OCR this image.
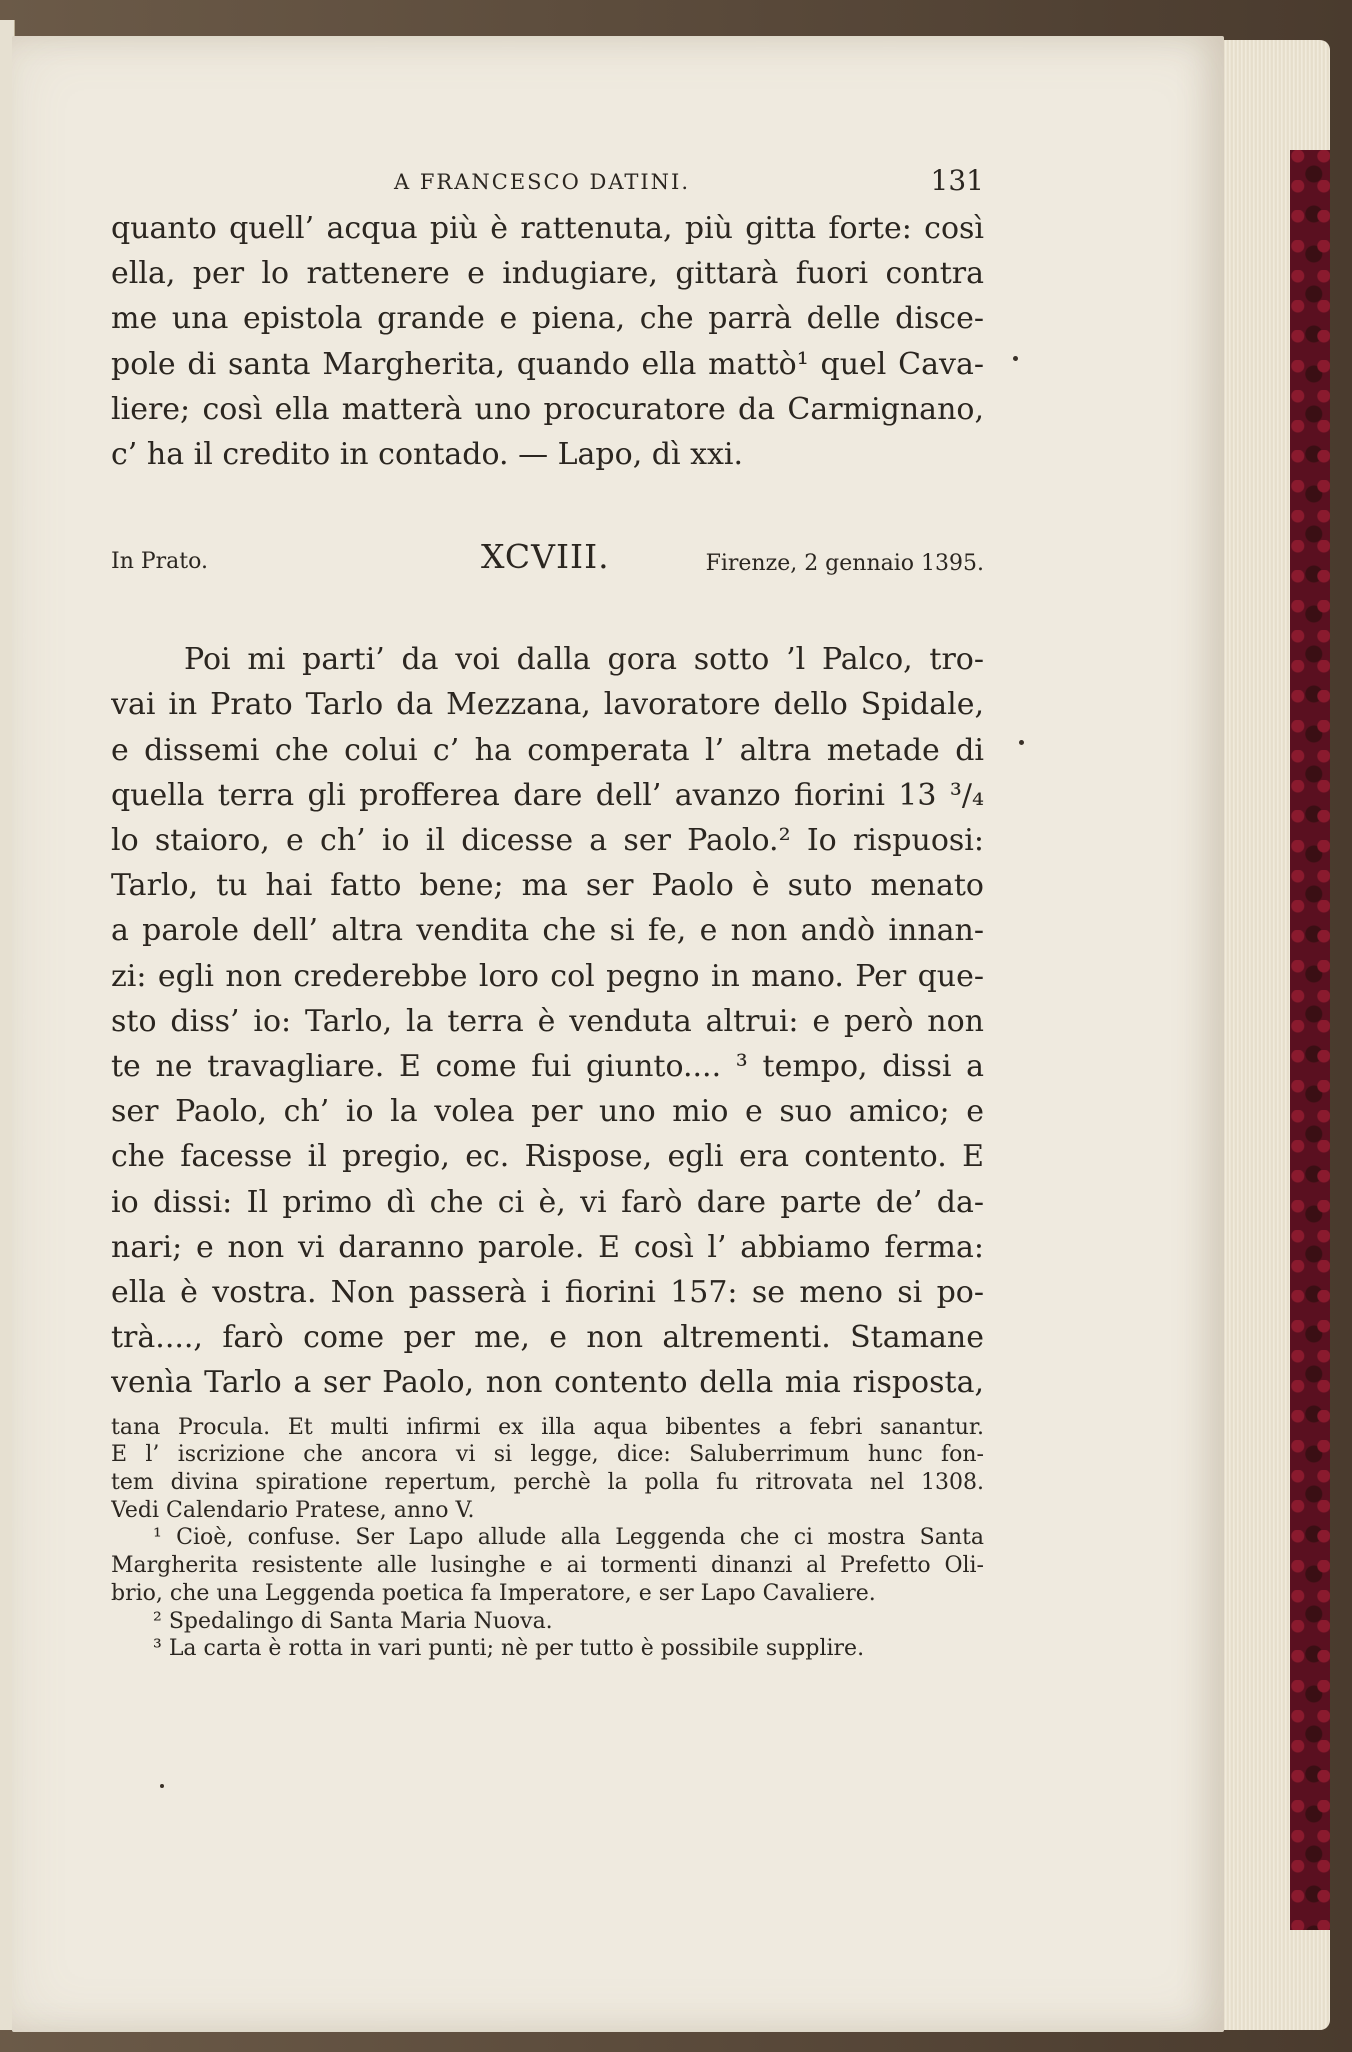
A FRANCESCO DATINI.	131
quanto quell’ acqua più è rattenuta, più gitta forte: così
ella, per lo rattenere e indugiare, gittarà fuori contra
me una epistola grande e piena, che parrà delle disce-
pole di santa Margherita, quando ella mattò¹ quel Cava-
liere; così ella matterà uno procuratore da Carmignano,
c’ ha il credito in contado. — Lapo, dì xxi.
In Prato.	XCVIII.	Firenze, 2 gennaio 1395.
Poi mi parti’ da voi dalla gora sotto ’l Palco, tro-
vai in Prato Tarlo da Mezzana, lavoratore dello Spidale,
e dissemi che colui c’ ha comperata l’ altra metade di
quella terra gli profferea dare dell’ avanzo fiorini 13 ³/₄
lo staioro, e ch’ io il dicesse a ser Paolo.² Io rispuosi:
Tarlo, tu hai fatto bene; ma ser Paolo è suto menato
a parole dell’ altra vendita che si fe, e non andò innan-
zi: egli non crederebbe loro col pegno in mano. Per que-
sto diss’ io: Tarlo, la terra è venduta altrui: e però non
te ne travagliare. E come fui giunto.... ³ tempo, dissi a
ser Paolo, ch’ io la volea per uno mio e suo amico; e
che facesse il pregio, ec. Rispose, egli era contento. E
io dissi: Il primo dì che ci è, vi farò dare parte de’ da-
nari; e non vi daranno parole. E così l’ abbiamo ferma:
ella è vostra. Non passerà i fiorini 157: se meno si po-
trà...., farò come per me, e non altrementi. Stamane
venìa Tarlo a ser Paolo, non contento della mia risposta,
tana Procula. Et multi infirmi ex illa aqua bibentes a febri sanantur.
E l’ iscrizione che ancora vi si legge, dice: Saluberrimum hunc fon-
tem divina spiratione repertum, perchè la polla fu ritrovata nel 1308.
Vedi Calendario Pratese, anno V.
¹ Cioè, confuse. Ser Lapo allude alla Leggenda che ci mostra Santa
Margherita resistente alle lusinghe e ai tormenti dinanzi al Prefetto Oli-
brio, che una Leggenda poetica fa Imperatore, e ser Lapo Cavaliere.
² Spedalingo di Santa Maria Nuova.
³ La carta è rotta in vari punti; nè per tutto è possibile supplire.
